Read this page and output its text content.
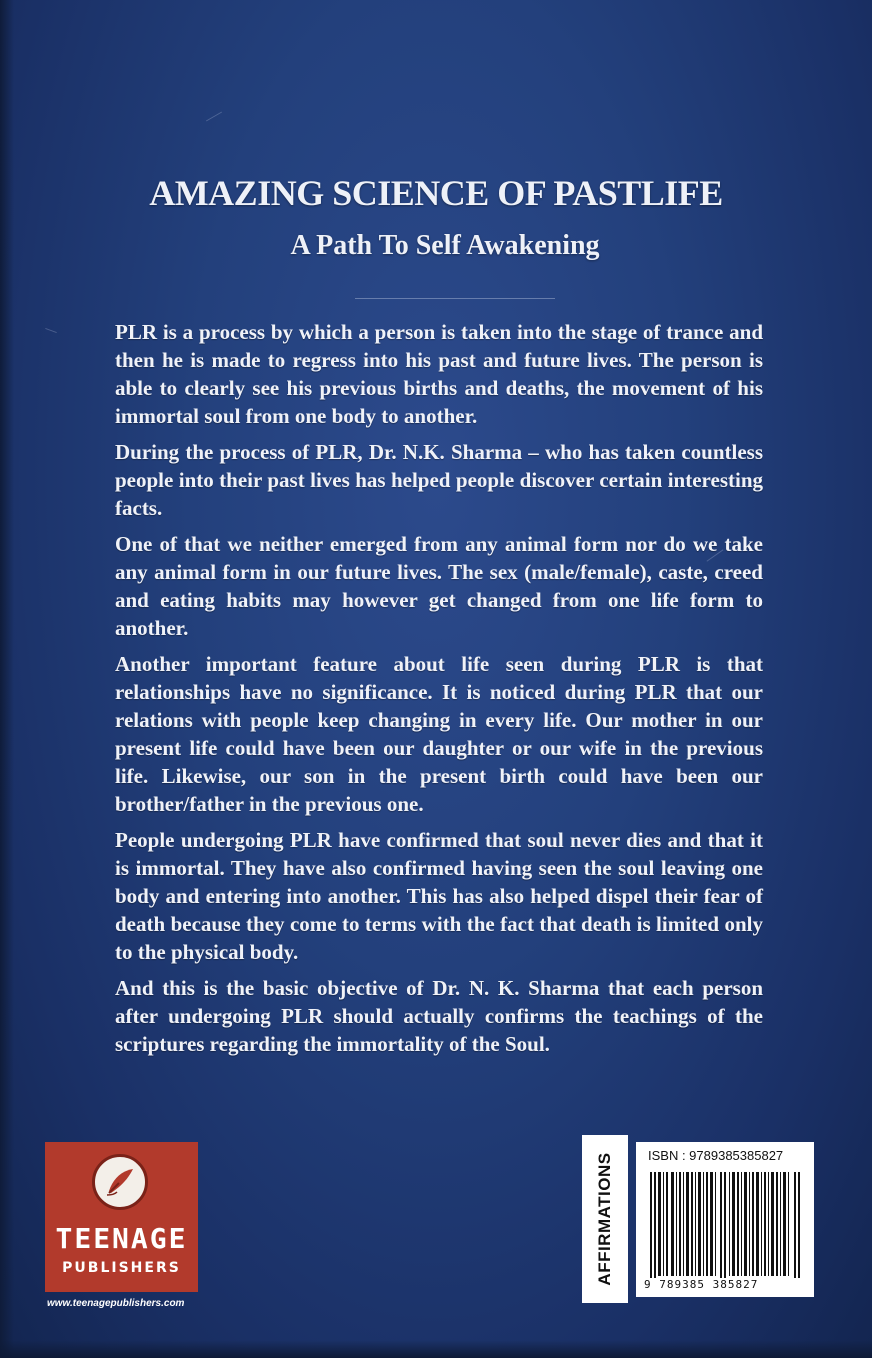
AMAZING SCIENCE OF PASTLIFE
A Path To Self Awakening

PLR is a process by which a person is taken into the stage of trance and then he is made to regress into his past and future lives. The person is able to clearly see his previous births and deaths, the movement of his immortal soul from one body to another.

During the process of PLR, Dr. N.K. Sharma – who has taken countless people into their past lives has helped people discover certain interesting facts.

One of that we neither emerged from any animal form nor do we take any animal form in our future lives. The sex (male/female), caste, creed and eating habits may however get changed from one life form to another.

Another important feature about life seen during PLR is that relationships have no significance. It is noticed during PLR that our relations with people keep changing in every life. Our mother in our present life could have been our daughter or our wife in the previous life. Likewise, our son in the present birth could have been our brother/father in the previous one.

People undergoing PLR have confirmed that soul never dies and that it is immortal. They have also confirmed having seen the soul leaving one body and entering into another. This has also helped dispel their fear of death because they come to terms with the fact that death is limited only to the physical body.

And this is the basic objective of Dr. N. K. Sharma that each person after undergoing PLR should actually confirms the teachings of the scriptures regarding the immortality of the Soul.

TEENAGE
PUBLISHERS
www.teenagepublishers.com
AFFIRMATIONS	ISBN : 9789385385827
9 789385 385827
